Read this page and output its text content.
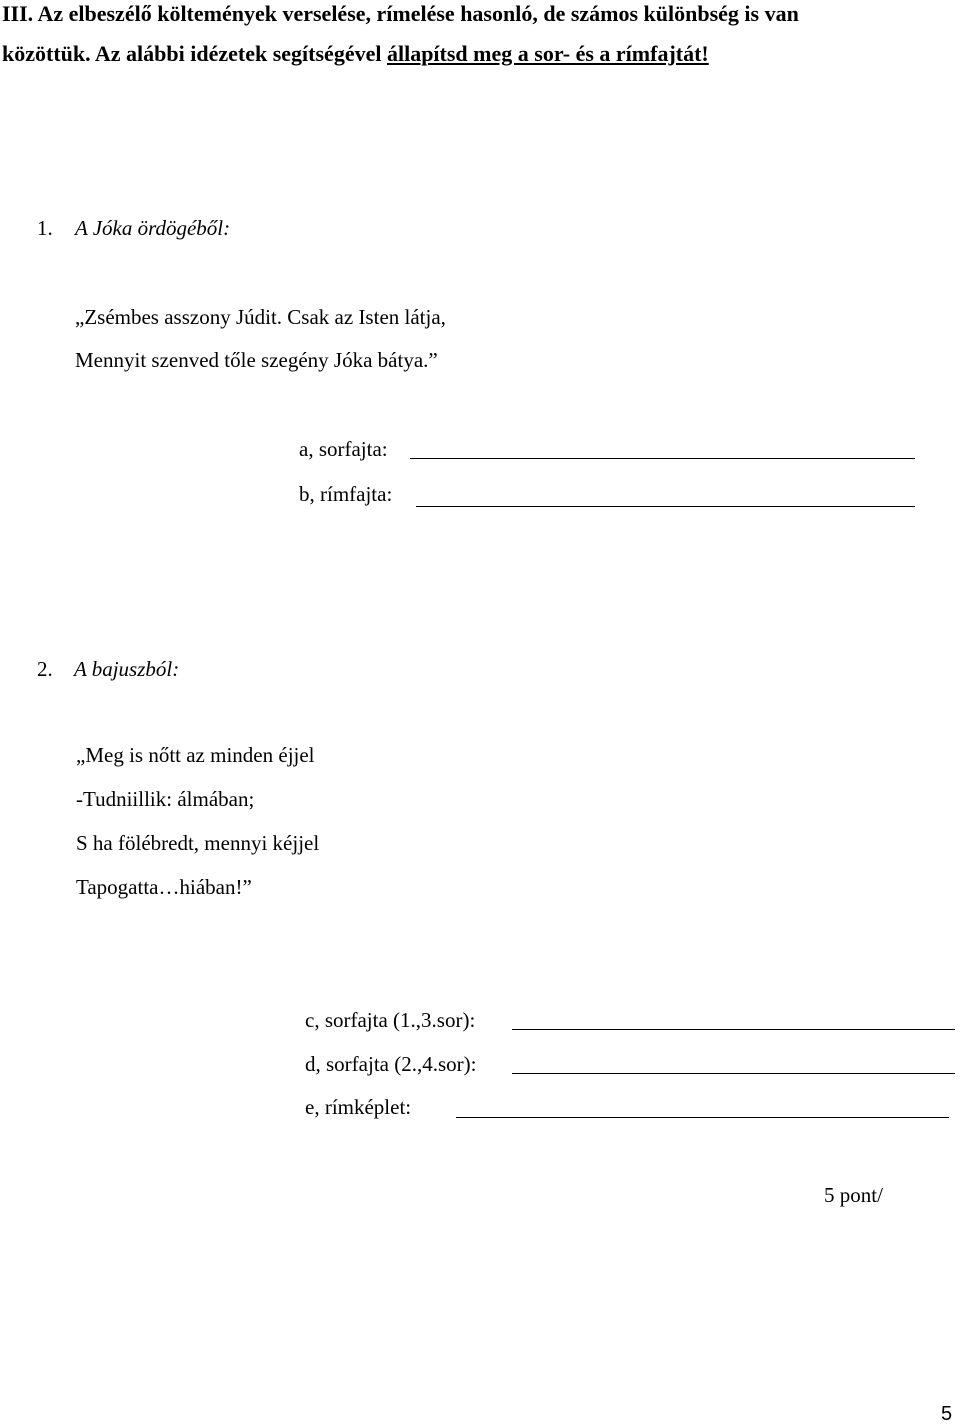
III. Az elbeszélő költemények verselése, rímelése hasonló, de számos különbség is van
közöttük. Az alábbi idézetek segítségével állapítsd meg a sor- és a rímfajtát!
1. A Jóka ördögéből:
„Zsémbes asszony Júdit. Csak az Isten látja,
Mennyit szenved tőle szegény Jóka bátya.”
a, sorfajta:
b, rímfajta:
2. A bajuszból:
„Meg is nőtt az minden éjjel
-Tudniillik: álmában;
S ha fölébredt, mennyi kéjjel
Tapogatta…hiában!”
c, sorfajta (1.,3.sor):
d, sorfajta (2.,4.sor):
e, rímképlet:
5 pont/
5
